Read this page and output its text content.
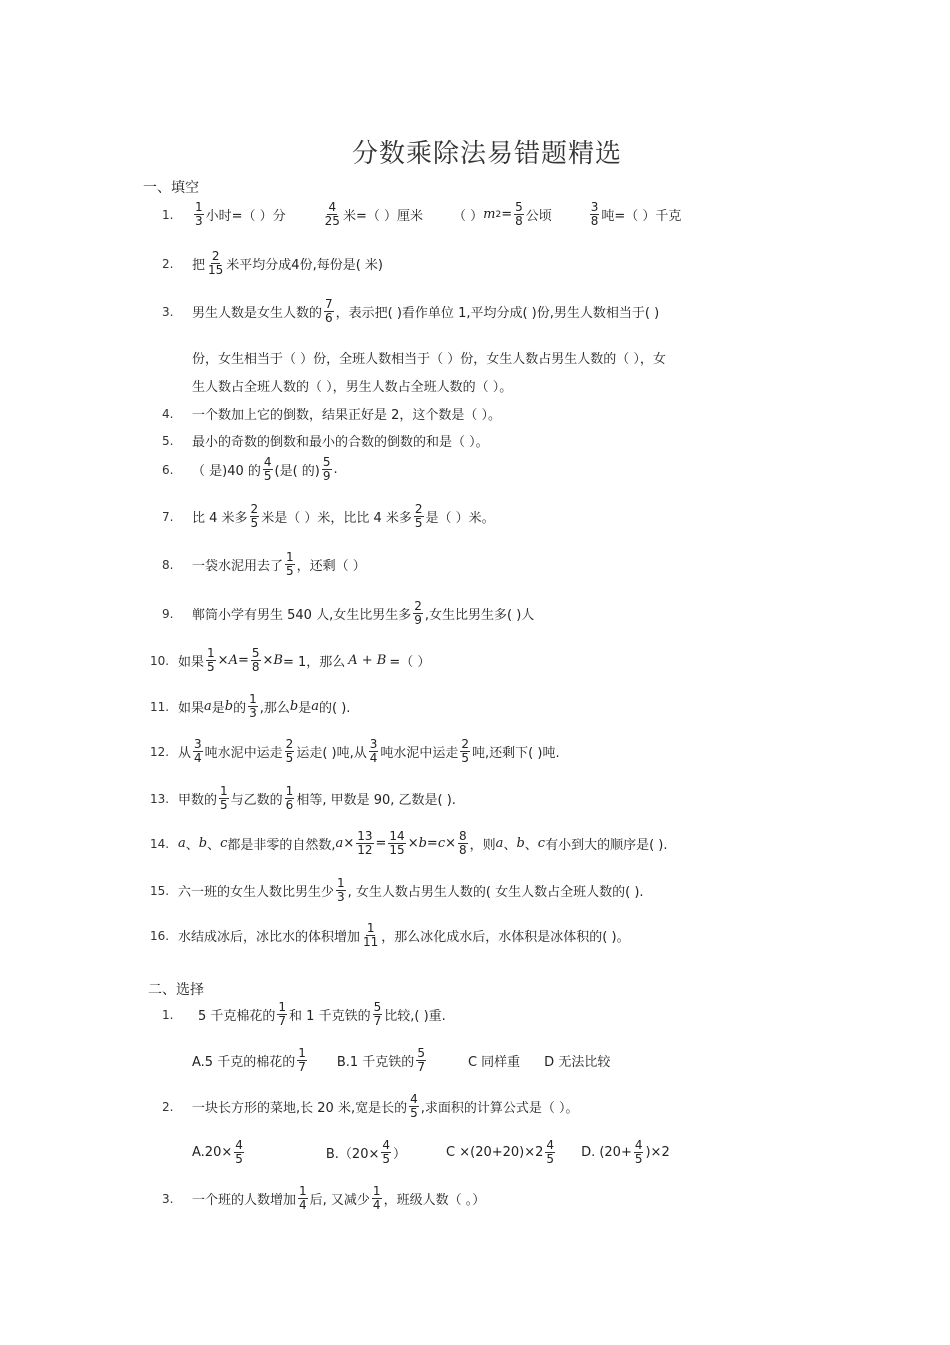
分数乘除法易错题精选
一、填空
1.	$\frac{1}{3}$ 小时=（ ）分	$\frac{4}{25}$ 米=（ ）厘米 （ ） m $2 = \frac{5}{8}$ 公顷	$\frac{3}{8}$ 吨=（ ）千克
2.	把 $\frac{2}{15}$ 米平均分成4份,每份是( 米)
3.	男生人数是女生人数的 $\frac{7}{6}$ ，表示把( )看作单位 1,平均分成( )份,男生人数相当于( )
份，女生相当于（ ）份，全班人数相当于（ ）份，女生人数占男生人数的（ ），女
生人数占全班人数的（ ），男生人数占全班人数的（ ）。
4.	一个数加上它的倒数，结果正好是 2，这个数是（ ）。
5.	最小的奇数的倒数和最小的合数的倒数的和是（ ）。
6.	（ 是)40 的 $\frac{4}{5}$ (是( 的) $\frac{5}{9}$ .
7.	比 4 米多 $\frac{2}{5}$ 米是（ ）米，比比 4 米多 $\frac{2}{5}$ 是（ ）米。
8.	一袋水泥用去了 $\frac{1}{5}$ ，还剩（ ）
9.	郸筒小学有男生 540 人,女生比男生多 $\frac{2}{9}$ ,女生比男生多( )人
10. 如果 $\frac{1}{5} \times A = \frac{5}{8} \times B = 1$，那么 A + B =（ ）
11. 如果 a 是 b 的 $\frac{1}{3}$ ,那么 b 是 a 的( ).
12. 从 $\frac{3}{4}$ 吨水泥中运走 $\frac{2}{5}$ 运走( )吨,从 $\frac{3}{4}$ 吨水泥中运走 $\frac{2}{5}$ 吨,还剩下( )吨.
13. 甲数的 $\frac{1}{5}$ 与乙数的 $\frac{1}{6}$ 相等, 甲数是 90, 乙数是( ).
14. a 、 b 、 c 都是非零的自然数, $a \times \frac{13}{12} = \frac{14}{15} \times b = c \times \frac{8}{8}$ ，则 a 、 b 、 c 有小到大的顺序是( ).
15. 六一班的女生人数比男生少 $\frac{1}{3}$ , 女生人数占男生人数的( 女生人数占全班人数的( ).
16. 水结成冰后，冰比水的体积增加 $\frac{1}{11}$ ，那么冰化成水后，水体积是冰体积的( )。
二、选择
1.	5 千克棉花的 $\frac{1}{7}$ 和 1 千克铁的 $\frac{5}{7}$ 比较,( )重.
A.5 千克的棉花的 $\frac{1}{7} B.1$ 千克铁的 $\frac{5}{7}$	C 同样重 D 无法比较
2.	一块长方形的菜地,长 20 米,宽是长的 $\frac{4}{5}$ ,求面积的计算公式是（ ）。
$A.20\times \frac{4}{5}$	$B.(20\times \frac{4}{5}$ ）	$C \times(20+20)\times 2 \frac{4}{5} D$. $(20+ \frac{4}{5} )\times 2$
3.	一个班的人数增加 $\frac{1}{4}$ 后, 又减少 $\frac{1}{4}$ ，班级人数（ 。）
